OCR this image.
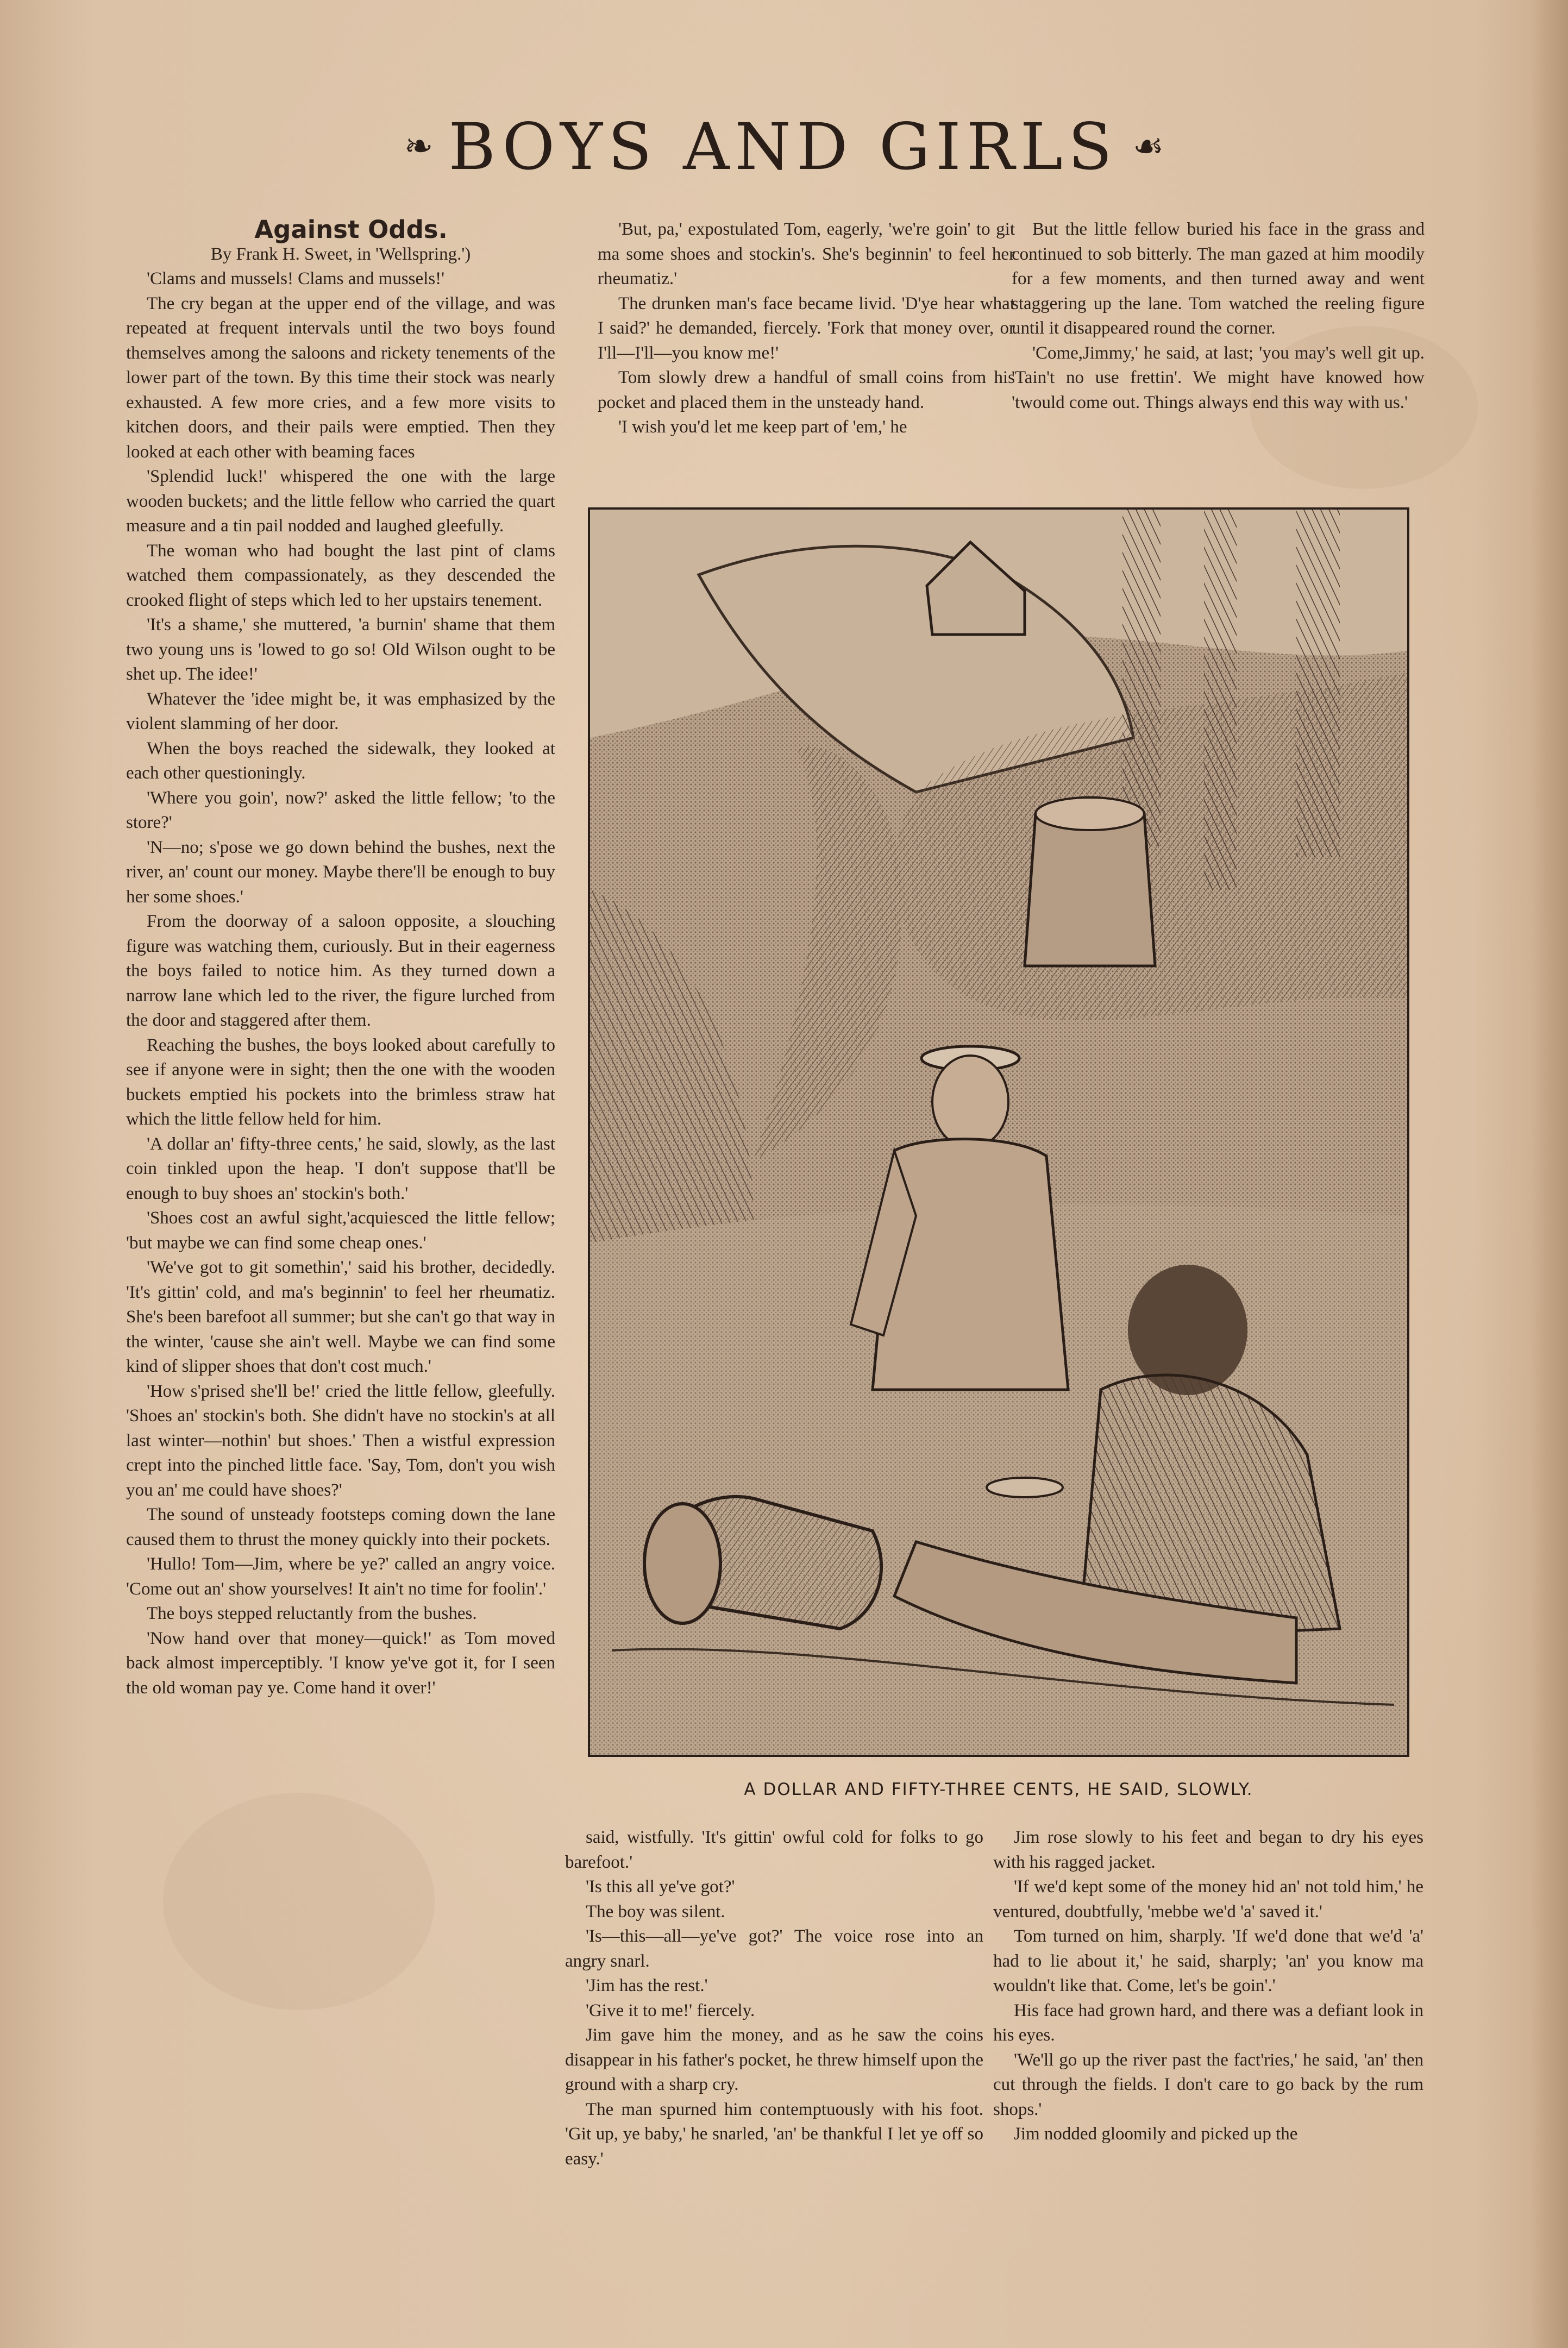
❧ BOYS AND GIRLS ☙

Against Odds.

By Frank H. Sweet, in 'Wellspring.')

'Clams and mussels! Clams and mussels!'

The cry began at the upper end of the village, and was repeated at frequent intervals until the two boys found themselves among the saloons and rickety tenements of the lower part of the town. By this time their stock was nearly exhausted. A few more cries, and a few more visits to kitchen doors, and their pails were emptied. Then they looked at each other with beaming faces

'Splendid luck!' whispered the one with the large wooden buckets; and the little fellow who carried the quart measure and a tin pail nodded and laughed gleefully.

The woman who had bought the last pint of clams watched them compassionately, as they descended the crooked flight of steps which led to her upstairs tenement.

'It's a shame,' she muttered, 'a burnin' shame that them two young uns is 'lowed to go so! Old Wilson ought to be shet up. The idee!'

Whatever the 'idee might be, it was emphasized by the violent slamming of her door.

When the boys reached the sidewalk, they looked at each other questioningly.

'Where you goin', now?' asked the little fellow; 'to the store?'

'N—no; s'pose we go down behind the bushes, next the river, an' count our money. Maybe there'll be enough to buy her some shoes.'

From the doorway of a saloon opposite, a slouching figure was watching them, curiously. But in their eagerness the boys failed to notice him. As they turned down a narrow lane which led to the river, the figure lurched from the door and staggered after them.

Reaching the bushes, the boys looked about carefully to see if anyone were in sight; then the one with the wooden buckets emptied his pockets into the brimless straw hat which the little fellow held for him.

'A dollar an' fifty-three cents,' he said, slowly, as the last coin tinkled upon the heap. 'I don't suppose that'll be enough to buy shoes an' stockin's both.'

'Shoes cost an awful sight,'acquiesced the little fellow; 'but maybe we can find some cheap ones.'

'We've got to git somethin',' said his brother, decidedly. 'It's gittin' cold, and ma's beginnin' to feel her rheumatiz. She's been barefoot all summer; but she can't go that way in the winter, 'cause she ain't well. Maybe we can find some kind of slipper shoes that don't cost much.'

'How s'prised she'll be!' cried the little fellow, gleefully. 'Shoes an' stockin's both. She didn't have no stockin's at all last winter—nothin' but shoes.' Then a wistful expression crept into the pinched little face. 'Say, Tom, don't you wish you an' me could have shoes?'

The sound of unsteady footsteps coming down the lane caused them to thrust the money quickly into their pockets.

'Hullo! Tom—Jim, where be ye?' called an angry voice. 'Come out an' show yourselves! It ain't no time for foolin'.'

The boys stepped reluctantly from the bushes.

'Now hand over that money—quick!' as Tom moved back almost imperceptibly. 'I know ye've got it, for I seen the old woman pay ye. Come hand it over!'

'But, pa,' expostulated Tom, eagerly, 'we're goin' to git ma some shoes and stockin's. She's beginnin' to feel her rheumatiz.'

The drunken man's face became livid. 'D'ye hear what I said?' he demanded, fiercely. 'Fork that money over, or I'll—I'll—you know me!'

Tom slowly drew a handful of small coins from his pocket and placed them in the unsteady hand.

'I wish you'd let me keep part of 'em,' he

But the little fellow buried his face in the grass and continued to sob bitterly. The man gazed at him moodily for a few moments, and then turned away and went staggering up the lane. Tom watched the reeling figure until it disappeared round the corner.

'Come,Jimmy,' he said, at last; 'you may's well git up. 'Tain't no use frettin'. We might have knowed how 'twould come out. Things always end this way with us.'

A DOLLAR AND FIFTY-THREE CENTS, HE SAID, SLOWLY.

said, wistfully. 'It's gittin' owful cold for folks to go barefoot.'

'Is this all ye've got?'

The boy was silent.

'Is—this—all—ye've got?' The voice rose into an angry snarl.

'Jim has the rest.'

'Give it to me!' fiercely.

Jim gave him the money, and as he saw the coins disappear in his father's pocket, he threw himself upon the ground with a sharp cry.

The man spurned him contemptuously with his foot. 'Git up, ye baby,' he snarled, 'an' be thankful I let ye off so easy.'

Jim rose slowly to his feet and began to dry his eyes with his ragged jacket.

'If we'd kept some of the money hid an' not told him,' he ventured, doubtfully, 'mebbe we'd 'a' saved it.'

Tom turned on him, sharply. 'If we'd done that we'd 'a' had to lie about it,' he said, sharply; 'an' you know ma wouldn't like that. Come, let's be goin'.'

His face had grown hard, and there was a defiant look in his eyes.

'We'll go up the river past the fact'ries,' he said, 'an' then cut through the fields. I don't care to go back by the rum shops.'

Jim nodded gloomily and picked up the
